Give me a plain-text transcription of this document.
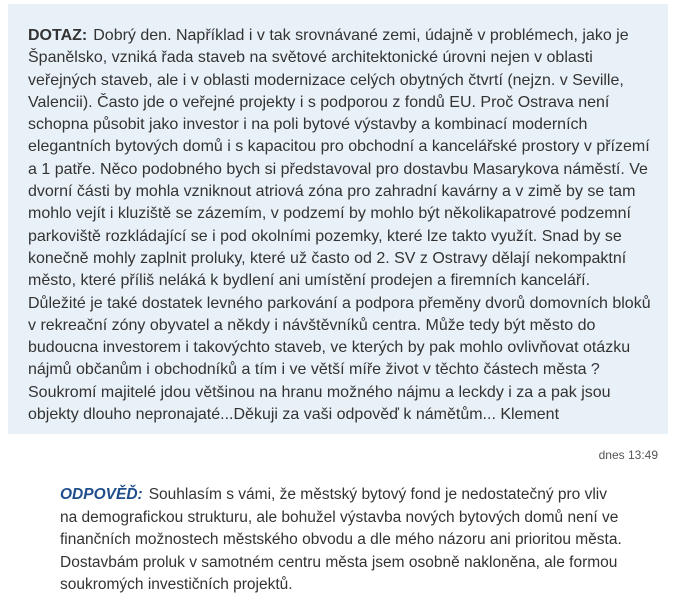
DOTAZ: Dobrý den. Například i v tak srovnávané zemi, údajně v problémech, jako je Španělsko, vzniká řada staveb na světové architektonické úrovni nejen v oblasti veřejných staveb, ale i v oblasti modernizace celých obytných čtvrtí (nejzn. v Seville, Valencii). Často jde o veřejné projekty i s podporou z fondů EU. Proč Ostrava není schopna působit jako investor i na poli bytové výstavby a kombinací moderních elegantních bytových domů i s kapacitou pro obchodní a kancelářské prostory v přízemí a 1 patře. Něco podobného bych si představoval pro dostavbu Masarykova náměstí. Ve dvorní části by mohla vzniknout atriová zóna pro zahradní kavárny a v zimě by se tam mohlo vejít i kluziště se zázemím, v podzemí by mohlo být několikapatrové podzemní parkoviště rozkládající se i pod okolními pozemky, které lze takto využít. Snad by se konečně mohly zaplnit proluky, které už často od 2. SV z Ostravy dělají nekompaktní město, které příliš neláká k bydlení ani umístění prodejen a firemních kanceláří. Důležité je také dostatek levného parkování a podpora přeměny dvorů domovních bloků v rekreační zóny obyvatel a někdy i návštěvníků centra. Může tedy být město do budoucna investorem i takovýchto staveb, ve kterých by pak mohlo ovlivňovat otázku nájmů občanům i obchodníků a tím i ve větší míře život v těchto částech města ? Soukromí majitelé jdou většinou na hranu možného nájmu a leckdy i za a pak jsou objekty dlouho nepronajaté...Děkuji za vaši odpověď k námětům... Klement

dnes 13:49

ODPOVĚĎ: Souhlasím s vámi, že městský bytový fond je nedostatečný pro vliv na demografickou strukturu, ale bohužel výstavba nových bytových domů není ve finančních možnostech městského obvodu a dle mého názoru ani prioritou města. Dostavbám proluk v samotném centru města jsem osobně nakloněna, ale formou soukromých investičních projektů.
